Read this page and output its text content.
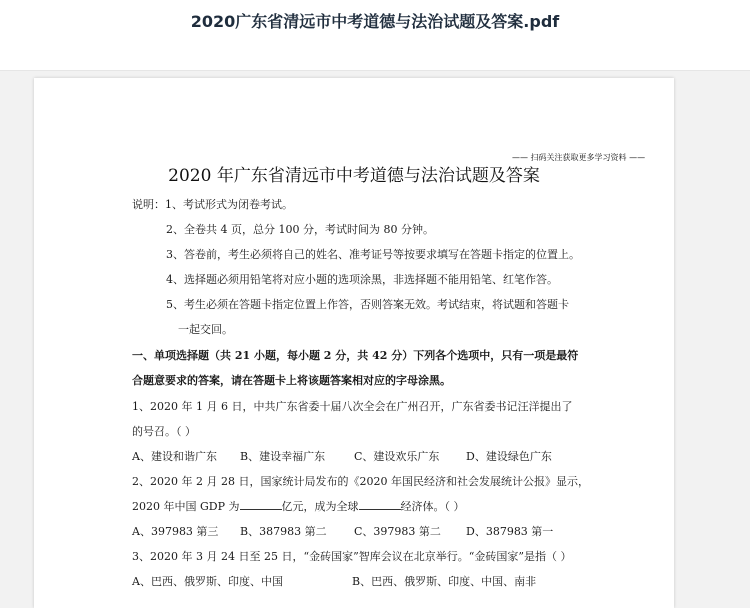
2020广东省清远市中考道德与法治试题及答案.pdf
—— 扫码关注获取更多学习资料 ——
2020 年广东省清远市中考道德与法治试题及答案
说明：1、考试形式为闭卷考试。
2、全卷共 4 页，总分 100 分，考试时间为 80 分钟。
3、答卷前，考生必须将自己的姓名、准考证号等按要求填写在答题卡指定的位置上。
4、选择题必须用铅笔将对应小题的选项涂黑，非选择题不能用铅笔、红笔作答。
5、考生必须在答题卡指定位置上作答，否则答案无效。考试结束，将试题和答题卡
一起交回。
一、单项选择题（共 21 小题，每小题 2 分，共 42 分）下列各个选项中，只有一项是最符
合题意要求的答案，请在答题卡上将该题答案相对应的字母涂黑。
1、2020 年 1 月 6 日，中共广东省委十届八次全会在广州召开，广东省委书记汪洋提出了
的号召。（ ）
A、建设和谐广东 B、建设幸福广东	C、建设欢乐广东 D、建设绿色广东
2、2020 年 2 月 28 日，国家统计局发布的《2020 年国民经济和社会发展统计公报》显示，
2020 年中国 GDP 为	亿元，成为全球	经济体。（ ）
A、397983 第三 B、387983 第二 C、397983 第二 D、387983 第一
3、2020 年 3 月 24 日至 25 日，“金砖国家”智库会议在北京举行。“金砖国家”是指（ ）
A、巴西、俄罗斯、印度、中国	B、巴西、俄罗斯、印度、中国、南非
